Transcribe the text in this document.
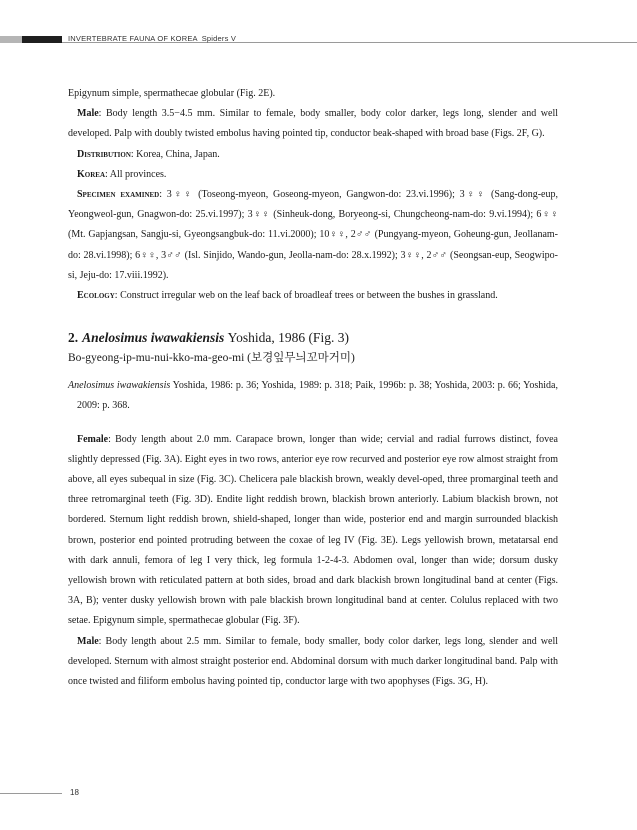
INVERTEBRATE FAUNA OF KOREA Spiders V

Epigynum simple, spermathecae globular (Fig. 2E).

Male: Body length 3.5−4.5 mm. Similar to female, body smaller, body color darker, legs long, slender and well developed. Palp with doubly twisted embolus having pointed tip, conductor beak-shaped with broad base (Figs. 2F, G).

Distribution: Korea, China, Japan.

Korea: All provinces.

Specimen examined: 3♀♀ (Toseong-myeon, Goseong-myeon, Gangwon-do: 23.vi.1996); 3♀♀ (Sang-dong-eup, Yeongweol-gun, Gnagwon-do: 25.vi.1997); 3♀♀ (Sinheuk-dong, Boryeong-si, Chungcheong-nam-do: 9.vi.1994); 6♀♀ (Mt. Gapjangsan, Sangju-si, Gyeongsangbuk-do: 11.vi.2000); 10♀♀, 2♂♂ (Pungyang-myeon, Goheung-gun, Jeollanam-do: 28.vi.1998); 6♀♀, 3♂♂ (Isl. Sinjido, Wando-gun, Jeolla-nam-do: 28.x.1992); 3♀♀, 2♂♂ (Seongsan-eup, Seogwipo-si, Jeju-do: 17.viii.1992).

Ecology: Construct irregular web on the leaf back of broadleaf trees or between the bushes in grassland.

2. Anelosimus iwawakiensis Yoshida, 1986 (Fig. 3)

Bo-gyeong-ip-mu-nui-kko-ma-geo-mi (보경잎무늬꼬마거미)

Anelosimus iwawakiensis Yoshida, 1986: p. 36; Yoshida, 1989: p. 318; Paik, 1996b: p. 38; Yoshida, 2003: p. 66; Yoshida, 2009: p. 368.

Female: Body length about 2.0 mm. Carapace brown, longer than wide; cervial and radial furrows distinct, fovea slightly depressed (Fig. 3A). Eight eyes in two rows, anterior eye row recurved and posterior eye row almost straight from above, all eyes subequal in size (Fig. 3C). Chelicera pale blackish brown, weakly devel-oped, three promarginal teeth and three retromarginal teeth (Fig. 3D). Endite light reddish brown, blackish brown anteriorly. Labium blackish brown, not bordered. Sternum light reddish brown, shield-shaped, longer than wide, posterior end and margin surrounded blackish brown, posterior end pointed protruding between the coxae of leg IV (Fig. 3E). Legs yellowish brown, metatarsal end with dark annuli, femora of leg I very thick, leg formula 1-2-4-3. Abdomen oval, longer than wide; dorsum dusky yellowish brown with reticulated pattern at both sides, broad and dark blackish brown longitudinal band at center (Figs. 3A, B); venter dusky yellowish brown with pale blackish brown longitudinal band at center. Colulus replaced with two setae. Epigynum simple, spermathecae globular (Fig. 3F).

Male: Body length about 2.5 mm. Similar to female, body smaller, body color darker, legs long, slender and well developed. Sternum with almost straight posterior end. Abdominal dorsum with much darker longitudinal band. Palp with once twisted and filiform embolus having pointed tip, conductor large with two apophyses (Figs. 3G, H).

18
